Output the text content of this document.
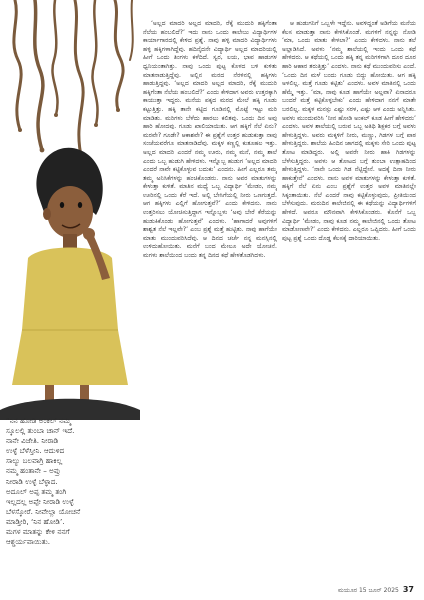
“ನಿನ ಹೋಡಿ ಅಂಕಲ್ ನಮ್ಮ

ಸ್ಕೂಲಲ್ಲಿ ತುಂಬಾ ಚಾನ್ ಇದೆ.

ನಾನೇ ವಿಜೇತಿ. ನೀರಾಡಿ

ಉಳ್ಳೆ ಬೆಳೆಸ್ತೀನಿ. ಆದುಳಿದ

ಸಾಲ್ಯು ಬಲವಾಗ್ರಿ ಹಾಕಿಲ್ಲ

ನಮ್ಮ ಹಂತಾನೇ – ಅವ್ರು

ನೀರಾಡಿ ಉಳ್ಳೆ ಬೆಳ್ಳಾದ.

ಅದೂಲ್ ಅಪ್ಪ ತಮ್ಮ ತಂಗಿ

ಇಲ್ಲದಲ್ಲ ಅಪ್ಪೇ ನೀರಾಡಿ ಉಳ್ಳೆ

ಬೆಳಸ್ಕೋರೆ. ನೀವೇಲ್ಲಾ ಯೋಚನೆ

ಮಾಡ್ತೀರಿ, ‘ನಿನ ಹೋಡಿ’.

ಮಗಳ ಮಾತನ್ನು ಕೇಳಿ ನನಗೆ

ಆಶ್ಚರ್ಯವಾಯಿತು.

‘ಅಲ್ಲದ ಮಾದರಿ ಅಲ್ಲದ ಮಾದರಿ, ರೆಕ್ಕೆ ಮುದುರಿ ಹಕ್ಕಿಗೆಂತಾ ನೆಲೆಯ ಹಂಬಲಿದೆ?’ ಇದು ನಾನು ಒಂದು ಕಾಲೇಜು ವಿದ್ಯಾರ್ಥಿಗಳ ಕಾರ್ಯಾಗಾರದಲ್ಲಿ ಕೇಳಿದ ಪ್ರಶ್ನೆ. ನಾವು ಹಳ್ಳಿ ಮಾದರಿ ವಿದ್ಯಾರ್ಥಿಗಳು ಹಳ್ಳಿ ಹಕ್ಕಿಗಳಾಗಿದ್ದೆವು. ಹದಿನೈದನೇ ವಿದ್ಯಾರ್ಥಿ ಅಲ್ಲದ ಮಾದರಿಯಲ್ಲಿ ಹೀಗೆ ಒಂದು ತಿಂಗಳು ಕಳೆದಿದೆ. ಸ್ವರ, ಲಯ, ಭಾವ ಹಾಡುಗಳ ಧ್ವನಿಯಂತಾಗಿತ್ತು. ನಾವು ಒಂದು ಪುಟ್ಟ ಕೊಳದ ಬಳಿ ಕುಳಿತು ಮಾತನಾಡುತ್ತಿದ್ದೆವು. ಅಲ್ಲಿನ ಮರದ ನೆರಳಿನಲ್ಲಿ ಹಕ್ಕಿಗಳು ಹಾಡುತ್ತಿದ್ದವು. ‘ಅಲ್ಲದ ಮಾದರಿ ಅಲ್ಲದ ಮಾದರಿ, ರೆಕ್ಕೆ ಮುದುರಿ ಹಕ್ಕಿಗೆಂತಾ ನೆಲೆಯ ಹಂಬಲಿದೆ?’ ಎಂದು ಕೇಳಿದಾಗ ಅವರು ಉತ್ತರಕ್ಕಾಗಿ ಕಾಯುತ್ತಾ ಇದ್ದರು. ಮನೆಯ ಪಕ್ಕದ ಮರದ ಮೇಲೆ ಹಕ್ಕಿ ಗೂಡು ಕಟ್ಟುತ್ತಿತ್ತು. ಹಕ್ಕಿ ತಾನೇ ಕಟ್ಟಿದ ಗೂಡಿನಲ್ಲಿ ಮೊಟ್ಟೆ ಇಟ್ಟು ಮರಿ ಮಾಡಿತು. ಮರಿಗಳು ಬೆಳೆದು ಹಾರಲು ಕಲಿತವು. ಒಂದು ದಿನ ಅವು ಹಾರಿ ಹೋದವು. ಗೂಡು ಖಾಲಿಯಾಯಿತು. ಆಗ ಹಕ್ಕಿಗೆ ನೆಲೆ ಏನು? ಮರವೇ? ಗೂಡೇ? ಆಕಾಶವೇ? ಈ ಪ್ರಶ್ನೆಗೆ ಉತ್ತರ ಹುಡುಕುತ್ತಾ ನಾವು ಸಂಜೆಯವರೆಗೂ ಮಾತನಾಡಿದೆವು. ಮಕ್ಕಳ ಕಣ್ಣಲ್ಲಿ ಕುತೂಹಲ ಇತ್ತು. ಅಲ್ಲದ ಮಾದರಿ ಎಂದರೆ ನಮ್ಮ ಊರು, ನಮ್ಮ ಮನೆ, ನಮ್ಮ ಶಾಲೆ ಎಂದು ಒಬ್ಬ ಹುಡುಗಿ ಹೇಳಿದಳು. ಇನ್ನೊಬ್ಬ ಹುಡುಗ ‘ಅಲ್ಲದ ಮಾದರಿ ಎಂದರೆ ನಾವೇ ಕಟ್ಟಿಕೊಳ್ಳುವ ಬದುಕು’ ಎಂದನು. ಹೀಗೆ ಎಲ್ಲರೂ ತಮ್ಮ ತಮ್ಮ ಅನಿಸಿಕೆಗಳನ್ನು ಹಂಚಿಕೊಂಡರು. ನಾನು ಅವರ ಮಾತುಗಳನ್ನು ಕೇಳುತ್ತಾ ಕುಳಿತೆ. ಮಾತಿನ ಮಧ್ಯೆ ಒಬ್ಬ ವಿದ್ಯಾರ್ಥಿ ‘ಮೇಡಂ, ನಮ್ಮ ಊರಿನಲ್ಲಿ ಒಂದು ಕೆರೆ ಇದೆ. ಅಲ್ಲಿ ಬೇಸಿಗೆಯಲ್ಲಿ ನೀರು ಒಣಗುತ್ತದೆ. ಆಗ ಹಕ್ಕಿಗಳು ಎಲ್ಲಿಗೆ ಹೋಗುತ್ತವೆ?’ ಎಂದು ಕೇಳಿದನು. ನಾನು ಉತ್ತರಿಸಲು ಯೋಚಿಸುತ್ತಿದ್ದಾಗ ಇನ್ನೊಬ್ಬಳು ‘ಅವು ಬೇರೆ ಕೆರೆಯನ್ನು ಹುಡುಕಿಕೊಂಡು ಹೋಗುತ್ತವೆ’ ಎಂದಳು. ‘ಹಾಗಾದರೆ ಅವುಗಳಿಗೆ ಶಾಶ್ವತ ನೆಲೆ ಇಲ್ಲವೇ?’ ಎಂಬ ಪ್ರಶ್ನೆ ಮತ್ತೆ ಹುಟ್ಟಿತು. ನಾವು ಹಾಗೆಯೇ ಮಾತು ಮುಂದುವರಿಸಿದೆವು. ಆ ದಿನದ ಚರ್ಚೆ ನನ್ನ ಮನಸ್ಸಿನಲ್ಲಿ ಉಳಿದುಹೋಯಿತು. ಮನೆಗೆ ಬಂದ ಮೇಲೂ ಅದೇ ಯೋಚನೆ. ಮಗಳು ಶಾಲೆಯಿಂದ ಬಂದು ತನ್ನ ದಿನದ ಕಥೆ ಹೇಳತೊಡಗಿದಳು.

ಆ ಹುಡುಗನಿಗೆ ಒಬ್ಬಳೇ ಇದ್ದೆನು. ಅವಳಿದ್ದಂತೆ ಅಡಿಗೆಯ ಮನೆಯ ಕೆಲಸ ಮಾಡುತ್ತಾ ನಾನು ಕೇಳಿಸಿಕೊಂಡೆ. ಮಗಳಿಗೆ ನನ್ನನ್ನು ನೋಡಿ ‘ಮಾ, ಒಂದು ಮಾತು ಕೇಳಲಾ?’ ಎಂದು ಕೇಳಿದಳು. ನಾನು ತಲೆ ಅಲ್ಲಾಡಿಸಿದೆ. ಅವಳು ‘ನಮ್ಮ ಶಾಲೆಯಲ್ಲಿ ಇಂದು ಒಂದು ಕಥೆ ಹೇಳಿದರು. ಆ ಕಥೆಯಲ್ಲಿ ಒಂದು ಹಕ್ಕಿ ತನ್ನ ಮರಿಗಳಿಗಾಗಿ ದೂರ ದೂರ ಹಾರಿ ಆಹಾರ ತರುತ್ತಿತ್ತು’ ಎಂದಳು. ನಾನು ಕಥೆ ಮುಂದುವರಿಸು ಎಂದೆ. ‘ಒಂದು ದಿನ ಮಳೆ ಬಂದು ಗೂಡು ಬಿದ್ದು ಹೋಯಿತು. ಆಗ ಹಕ್ಕಿ ಅಳಲಿಲ್ಲ. ಮತ್ತೆ ಗೂಡು ಕಟ್ಟಿತು’ ಎಂದಳು. ಅವಳ ಮಾತಿನಲ್ಲಿ ಒಂದು ಹೆಮ್ಮೆ ಇತ್ತು. ‘ಮಾ, ನಾವು ಕೂಡ ಹಾಗೆಯೇ ಅಲ್ಲವಾ? ಏನಾದರೂ ಬಂದರೆ ಮತ್ತೆ ಕಟ್ಟಿಕೊಳ್ಳಬೇಕು’ ಎಂದು ಹೇಳಿದಾಗ ನನಗೆ ಮಾತೇ ಬರಲಿಲ್ಲ. ಮಕ್ಕಳ ಮನಸ್ಸು ಎಷ್ಟು ಸರಳ, ಎಷ್ಟು ಆಳ ಎಂದು ಅನ್ನಿಸಿತು. ಅವಳು ಮುಂದುವರಿಸಿ ‘ನೀನ ಹೋಡಿ ಅಂಕಲ್ ಕೂಡ ಹೀಗೆ ಹೇಳಿದರು’ ಎಂದಳು. ಅವಳ ಶಾಲೆಯಲ್ಲಿ ಬರುವ ಒಬ್ಬ ಅತಿಥಿ ಶಿಕ್ಷಕರ ಬಗ್ಗೆ ಅವಳು ಹೇಳುತ್ತಿದ್ದಳು. ಅವರು ಮಕ್ಕಳಿಗೆ ನೀರು, ಮಣ್ಣು, ಗಿಡಗಳ ಬಗ್ಗೆ ಪಾಠ ಹೇಳುತ್ತಿದ್ದರು. ಶಾಲೆಯ ಹಿಂದಿನ ಜಾಗದಲ್ಲಿ ಮಕ್ಕಳು ಸೇರಿ ಒಂದು ಪುಟ್ಟ ತೋಟ ಮಾಡಿದ್ದರು. ಅಲ್ಲಿ ಅವರೇ ನೀರು ಹಾಕಿ ಗಿಡಗಳನ್ನು ಬೆಳೆಸುತ್ತಿದ್ದರು. ಅವಳು ಆ ತೋಟದ ಬಗ್ಗೆ ತುಂಬಾ ಉತ್ಸಾಹದಿಂದ ಹೇಳುತ್ತಿದ್ದಳು. ‘ನಾನೇ ಒಂದು ಗಿಡ ನೆಟ್ಟಿದ್ದೇನೆ. ಅದಕ್ಕೆ ದಿನಾ ನೀರು ಹಾಕುತ್ತೇನೆ’ ಎಂದಳು. ನಾನು ಅವಳ ಮಾತುಗಳನ್ನು ಕೇಳುತ್ತಾ ಕುಳಿತೆ. ಹಕ್ಕಿಗೆ ನೆಲೆ ಏನು ಎಂಬ ಪ್ರಶ್ನೆಗೆ ಉತ್ತರ ಅವಳ ಮಾತಿನಲ್ಲೇ ಸಿಕ್ಕಂತಾಯಿತು. ನೆಲೆ ಎಂದರೆ ನಾವು ಕಟ್ಟಿಕೊಳ್ಳುವುದು, ಪ್ರೀತಿಯಿಂದ ಬೆಳೆಸುವುದು. ಮರುದಿನ ಕಾಲೇಜಿನಲ್ಲಿ ಈ ಕಥೆಯನ್ನು ವಿದ್ಯಾರ್ಥಿಗಳಿಗೆ ಹೇಳಿದೆ. ಅವರೂ ಮೌನವಾಗಿ ಕೇಳಿಸಿಕೊಂಡರು. ಕೊನೆಗೆ ಒಬ್ಬ ವಿದ್ಯಾರ್ಥಿ ‘ಮೇಡಂ, ನಾವು ಕೂಡ ನಮ್ಮ ಕಾಲೇಜಿನಲ್ಲಿ ಒಂದು ತೋಟ ಮಾಡೋಣವೇ?’ ಎಂದು ಕೇಳಿದನು. ಎಲ್ಲರೂ ಒಪ್ಪಿದರು. ಹೀಗೆ ಒಂದು ಪುಟ್ಟ ಪ್ರಶ್ನೆ ಒಂದು ದೊಡ್ಡ ಕೆಲಸಕ್ಕೆ ದಾರಿಯಾಯಿತು.

ಮಯೂರ 15 ಜೂನ್ 2025 37
